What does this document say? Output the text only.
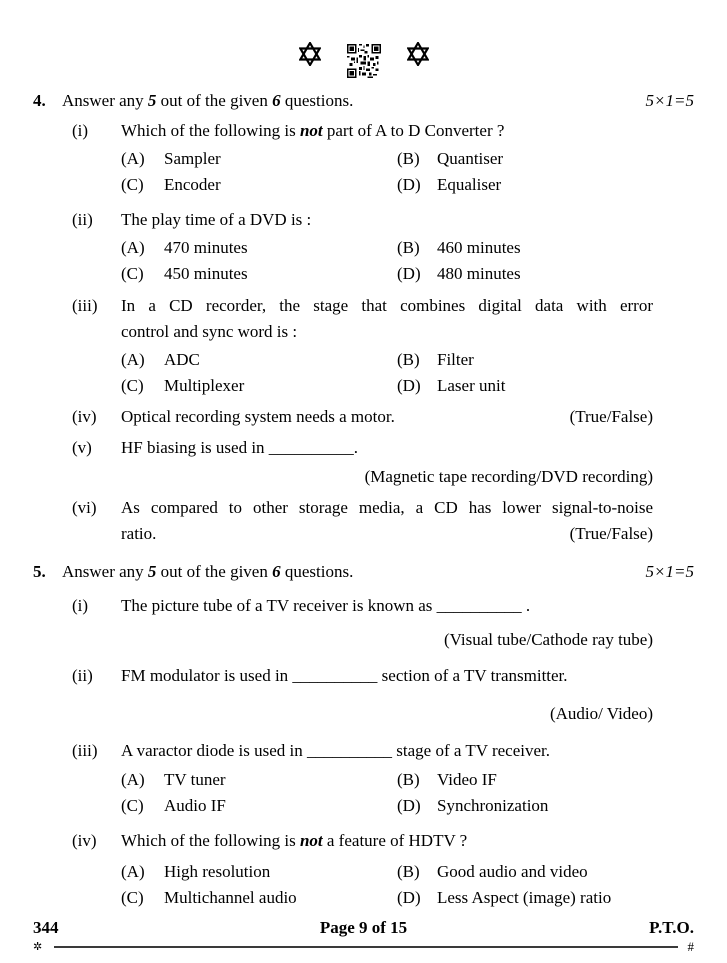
4. Answer any 5 out of the given 6 questions.	5×1=5
(i)	Which of the following is not part of A to D Converter ?
(A)	Sampler	(B)	Quantiser
(C)	Encoder	(D) Equaliser
(ii)	The play time of a DVD is :
(A)	470 minutes	(B)	460 minutes
(C)	450 minutes	(D) 480 minutes
(iii)	In a CD recorder, the stage that combines digital data with error
control and sync word is :
(A)	ADC	(B)	Filter
(C)	Multiplexer	(D) Laser unit
(iv)	Optical recording system needs a motor.	(True/False)
(v)	HF biasing is used in __________.
(Magnetic tape recording/DVD recording)
(vi)	As compared to other storage media, a CD has lower signal-to-noise
ratio.	(True/False)
5. Answer any 5 out of the given 6 questions.	5×1=5
(i)	The picture tube of a TV receiver is known as __________ .
(Visual tube/Cathode ray tube)
(ii)	FM modulator is used in __________ section of a TV transmitter.
(Audio/ Video)
(iii)	A varactor diode is used in __________ stage of a TV receiver.
(A)	TV tuner	(B)	Video IF
(C)	Audio IF	(D) Synchronization
(iv)	Which of the following is not a feature of HDTV ?
(A)	High resolution	(B)	Good audio and video
(C)	Multichannel audio	(D) Less Aspect (image) ratio
344	Page 9 of 15	P.T.O.
✲	#
